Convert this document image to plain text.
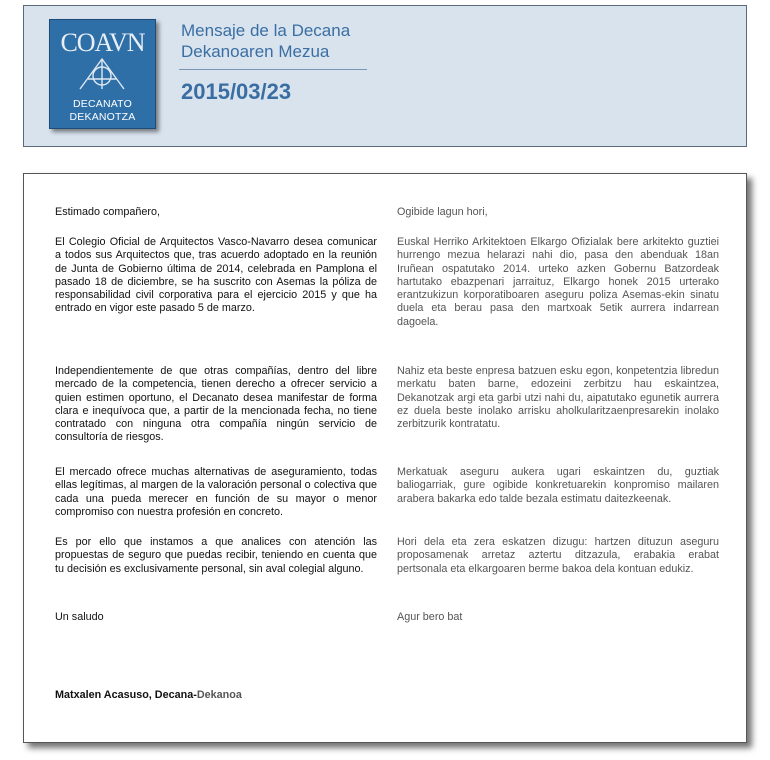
COAVN
DECANATO
DEKANOTZA
Mensaje de la Decana
Dekanoaren Mezua
2015/03/23

Estimado compañero,

El Colegio Oficial de Arquitectos Vasco-Navarro desea comunicar a todos sus Arquitectos que, tras acuerdo adoptado en la reunión de Junta de Gobierno última de 2014, celebrada en Pamplona el pasado 18 de diciembre, se ha suscrito con Asemas la póliza de responsabilidad civil corporativa para el ejercicio 2015 y que ha entrado en vigor este pasado 5 de marzo.

Independientemente de que otras compañías, dentro del libre mercado de la competencia, tienen derecho a ofrecer servicio a quien estimen oportuno, el Decanato desea manifestar de forma clara e inequívoca que, a partir de la mencionada fecha, no tiene contratado con ninguna otra compañía ningún servicio de consultoría de riesgos.

El mercado ofrece muchas alternativas de aseguramiento, todas ellas legítimas, al margen de la valoración personal o colectiva que cada una pueda merecer en función de su mayor o menor compromiso con nuestra profesión en concreto.

Es por ello que instamos a que analices con atención las propuestas de seguro que puedas recibir, teniendo en cuenta que tu decisión es exclusivamente personal, sin aval colegial alguno.

Un saludo

Ogibide lagun hori,

Euskal Herriko Arkitektoen Elkargo Ofizialak bere arkitekto guztiei hurrengo mezua helarazi nahi dio, pasa den abenduak 18an Iruñean ospatutako 2014. urteko azken Gobernu Batzordeak hartutako ebazpenari jarraituz, Elkargo honek 2015 urterako erantzukizun korporatiboaren aseguru poliza Asemas-ekin sinatu duela eta berau pasa den martxoak 5etik aurrera indarrean dagoela.

Nahiz eta beste enpresa batzuen esku egon, konpetentzia libredun merkatu baten barne, edozeini zerbitzu hau eskaintzea, Dekanotzak argi eta garbi utzi nahi du, aipatutako egunetik aurrera ez duela beste inolako arrisku aholkularitzaenpresarekin inolako zerbitzurik kontratatu.

Merkatuak aseguru aukera ugari eskaintzen du, guztiak baliogarriak, gure ogibide konkretuarekin konpromiso mailaren arabera bakarka edo talde bezala estimatu daitezkeenak.

Hori dela eta zera eskatzen dizugu: hartzen dituzun aseguru proposamenak arretaz aztertu ditzazula, erabakia erabat pertsonala eta elkargoaren berme bakoa dela kontuan edukiz.

Agur bero bat

Matxalen Acasuso, Decana-Dekanoa
